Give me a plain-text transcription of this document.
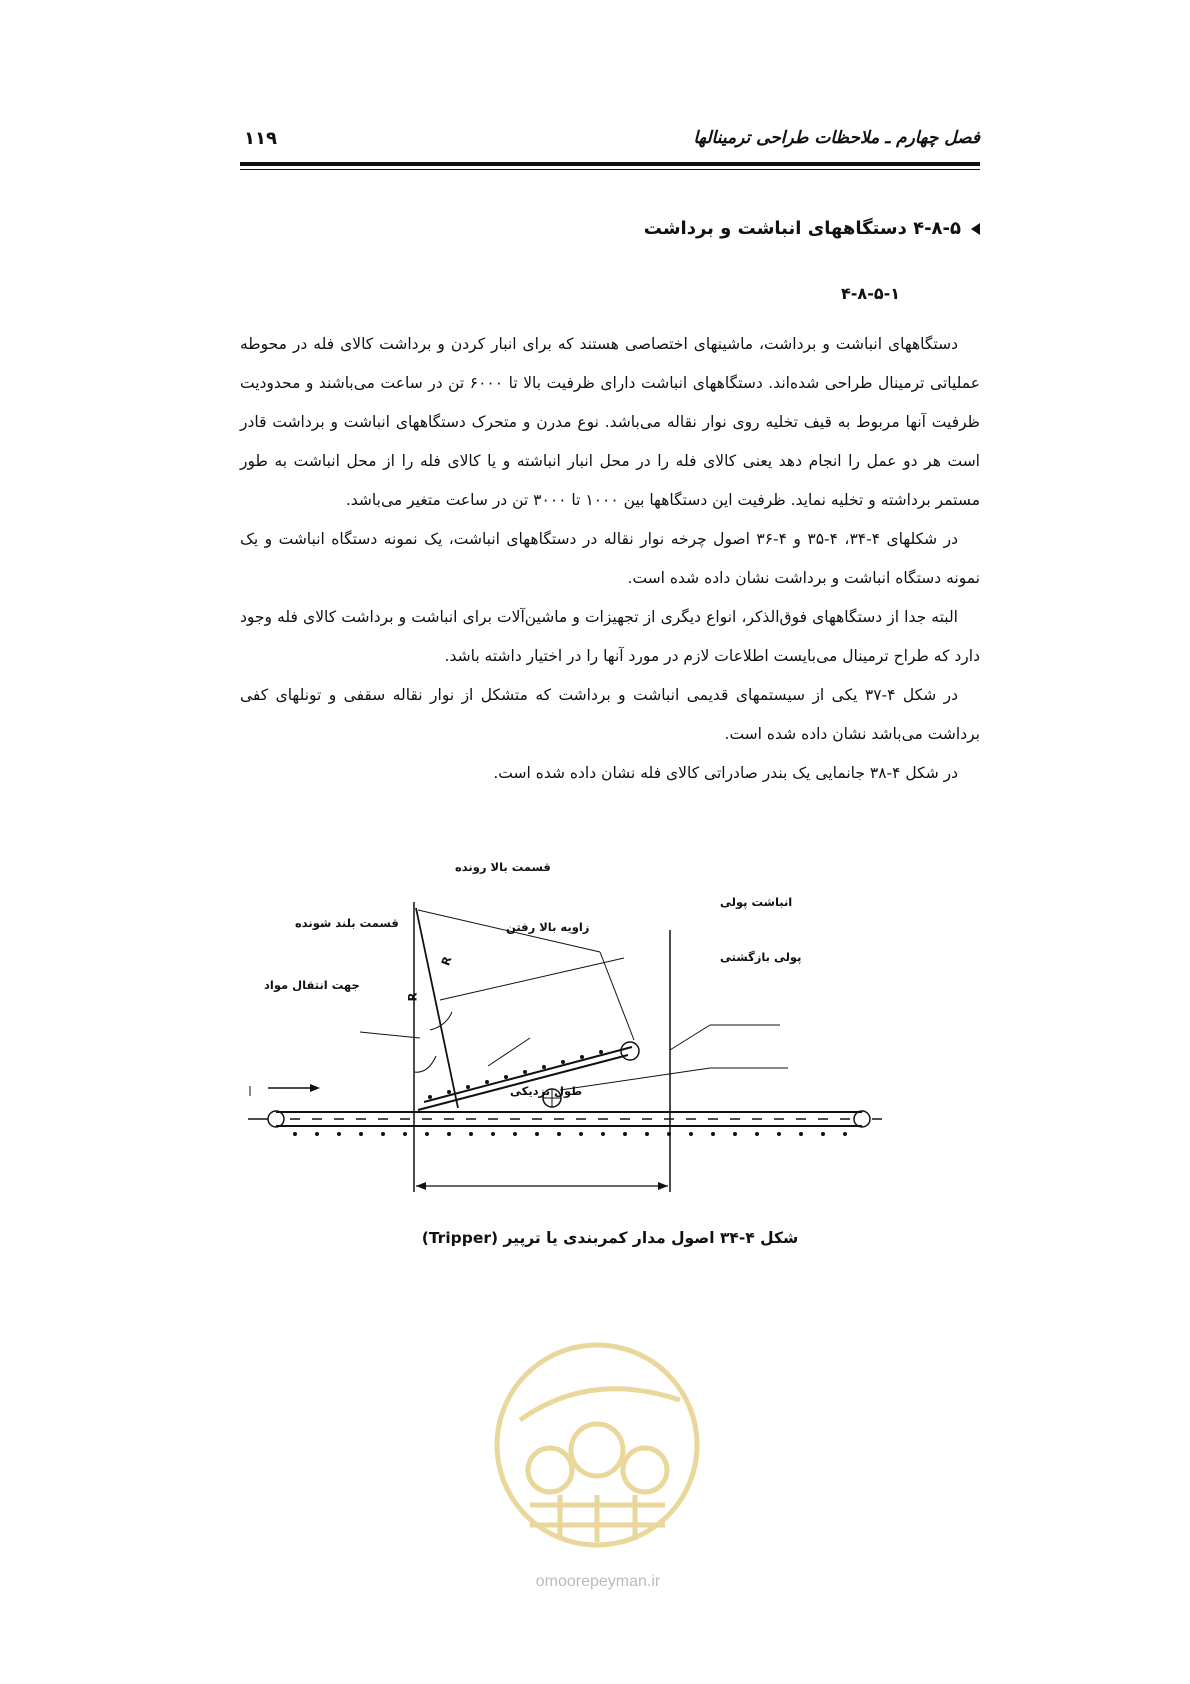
فصل چهارم ـ ملاحظات طراحی ترمینالها
۱۱۹
۴-۸-۵ دستگاههای انباشت و برداشت
۴-۸-۵-۱

دستگاههای انباشت و برداشت، ماشینهای اختصاصی هستند که برای انبار کردن و برداشت کالای فله در محوطه عملیاتی ترمینال طراحی شده‌اند. دستگاههای انباشت دارای ظرفیت بالا تا ۶۰۰۰ تن در ساعت می‌باشند و محدودیت ظرفیت آنها مربوط به قیف تخلیه روی نوار نقاله می‌باشد. نوع مدرن و متحرک دستگاههای انباشت و برداشت قادر است هر دو عمل را انجام دهد یعنی کالای فله را در محل انبار انباشته و یا کالای فله را از محل انباشت به طور مستمر برداشته و تخلیه نماید. ظرفیت این دستگاهها بین ۱۰۰۰ تا ۳۰۰۰ تن در ساعت متغیر می‌باشد.

در شکلهای ۴-۳۴، ۴-۳۵ و ۴-۳۶ اصول چرخه نوار نقاله در دستگاههای انباشت، یک نمونه دستگاه انباشت و یک نمونه دستگاه انباشت و برداشت نشان داده شده است.

البته جدا از دستگاههای فوق‌الذکر، انواع دیگری از تجهیزات و ماشین‌آلات برای انباشت و برداشت کالای فله وجود دارد که طراح ترمینال می‌بایست اطلاعات لازم در مورد آنها را در اختیار داشته باشد.

در شکل ۴-۳۷ یکی از سیستمهای قدیمی انباشت و برداشت که متشکل از نوار نقاله سقفی و تونلهای کفی برداشت می‌باشد نشان داده شده است.

در شکل ۴-۳۸ جانمایی یک بندر صادراتی کالای فله نشان داده شده است.

قسمت بالا رونده
قسمت بلند شونده	زاویه بالا رفتن
انباشت پولی
پولی بازگشتی
جهت انتقال مواد
طول نزدیکی
R
R
شکل ۴-۳۴ اصول مدار کمربندی یا ترپیر (Tripper)
omoorepeyman.ir
